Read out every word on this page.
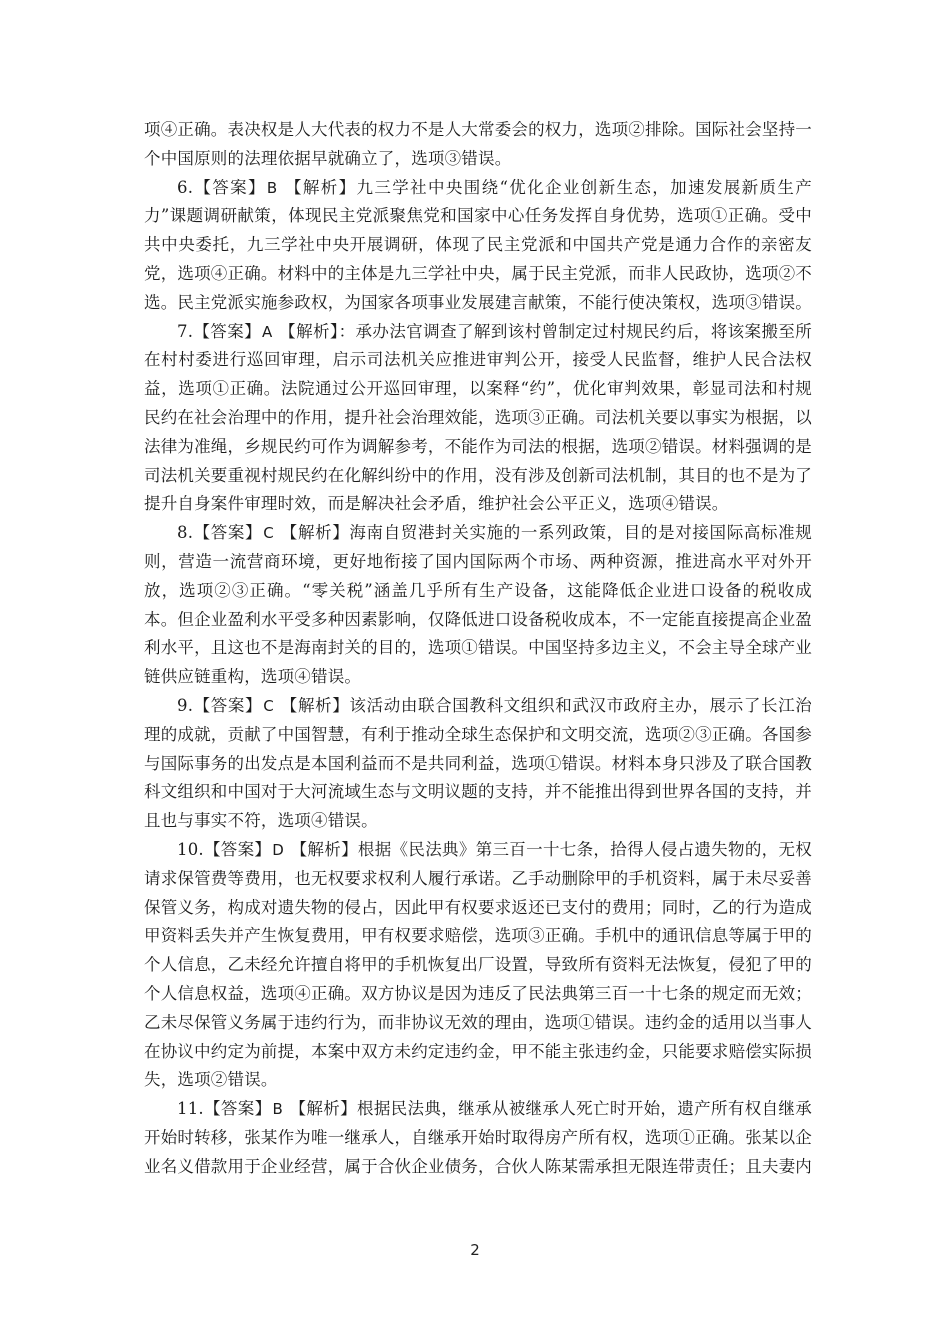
项④正确。表决权是人大代表的权力不是人大常委会的权力，选项②排除。国际社会坚持一个中国原则的法理依据早就确立了，选项③错误。

6.【答案】B 【解析】九三学社中央围绕“优化企业创新生态，加速发展新质生产力”课题调研献策，体现民主党派聚焦党和国家中心任务发挥自身优势，选项①正确。受中共中央委托，九三学社中央开展调研，体现了民主党派和中国共产党是通力合作的亲密友党，选项④正确。材料中的主体是九三学社中央，属于民主党派，而非人民政协，选项②不选。民主党派实施参政权，为国家各项事业发展建言献策，不能行使决策权，选项③错误。

7.【答案】A 【解析】：承办法官调查了解到该村曾制定过村规民约后，将该案搬至所在村村委进行巡回审理，启示司法机关应推进审判公开，接受人民监督，维护人民合法权益，选项①正确。法院通过公开巡回审理，以案释“约”，优化审判效果，彰显司法和村规民约在社会治理中的作用，提升社会治理效能，选项③正确。司法机关要以事实为根据，以法律为准绳，乡规民约可作为调解参考，不能作为司法的根据，选项②错误。材料强调的是司法机关要重视村规民约在化解纠纷中的作用，没有涉及创新司法机制，其目的也不是为了提升自身案件审理时效，而是解决社会矛盾，维护社会公平正义，选项④错误。

8.【答案】C 【解析】海南自贸港封关实施的一系列政策，目的是对接国际高标准规则，营造一流营商环境，更好地衔接了国内国际两个市场、两种资源，推进高水平对外开放，选项②③正确。“零关税”涵盖几乎所有生产设备，这能降低企业进口设备的税收成本。但企业盈利水平受多种因素影响，仅降低进口设备税收成本，不一定能直接提高企业盈利水平，且这也不是海南封关的目的，选项①错误。中国坚持多边主义，不会主导全球产业链供应链重构，选项④错误。

9.【答案】C 【解析】该活动由联合国教科文组织和武汉市政府主办，展示了长江治理的成就，贡献了中国智慧，有利于推动全球生态保护和文明交流，选项②③正确。各国参与国际事务的出发点是本国利益而不是共同利益，选项①错误。材料本身只涉及了联合国教科文组织和中国对于大河流域生态与文明议题的支持，并不能推出得到世界各国的支持，并且也与事实不符，选项④错误。

10.【答案】D 【解析】根据《民法典》第三百一十七条，拾得人侵占遗失物的，无权请求保管费等费用，也无权要求权利人履行承诺。乙手动删除甲的手机资料，属于未尽妥善保管义务，构成对遗失物的侵占，因此甲有权要求返还已支付的费用；同时，乙的行为造成甲资料丢失并产生恢复费用，甲有权要求赔偿，选项③正确。手机中的通讯信息等属于甲的个人信息，乙未经允许擅自将甲的手机恢复出厂设置，导致所有资料无法恢复，侵犯了甲的个人信息权益，选项④正确。双方协议是因为违反了民法典第三百一十七条的规定而无效；乙未尽保管义务属于违约行为，而非协议无效的理由，选项①错误。违约金的适用以当事人在协议中约定为前提，本案中双方未约定违约金，甲不能主张违约金，只能要求赔偿实际损失，选项②错误。

11.【答案】B 【解析】根据民法典，继承从被继承人死亡时开始，遗产所有权自继承开始时转移，张某作为唯一继承人，自继承开始时取得房产所有权，选项①正确。张某以企业名义借款用于企业经营，属于合伙企业债务，合伙人陈某需承担无限连带责任；且夫妻内

2
